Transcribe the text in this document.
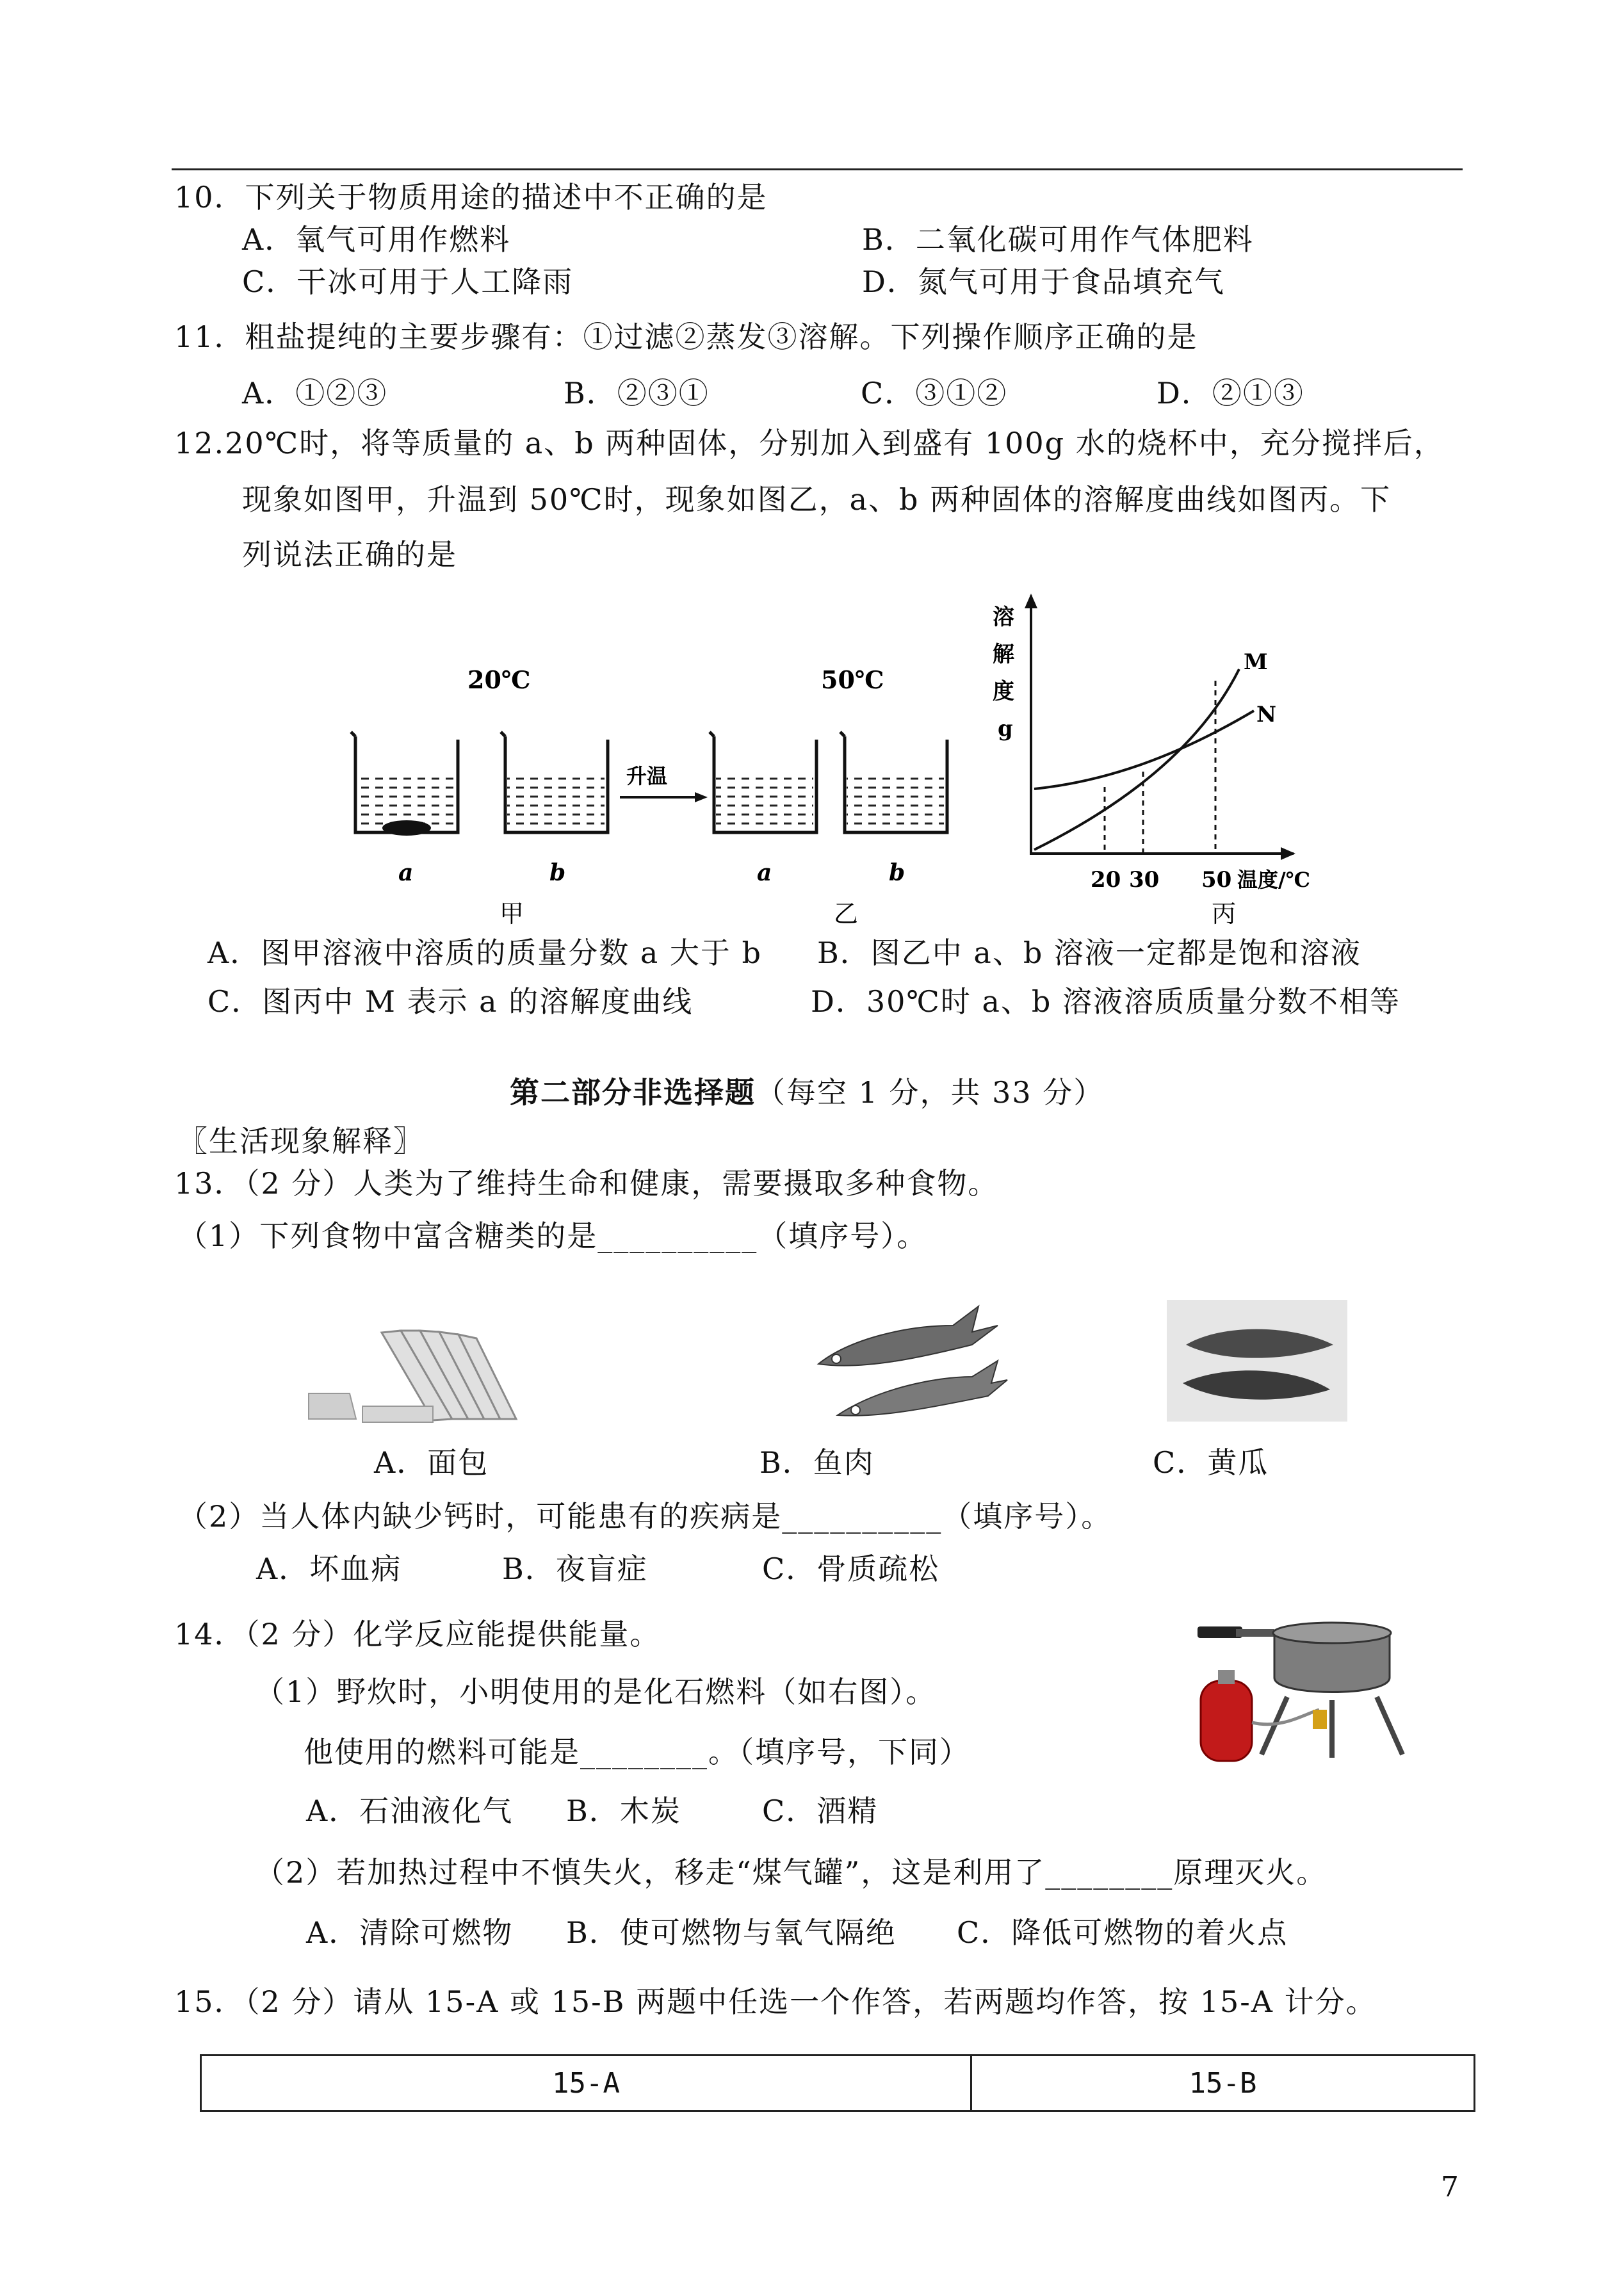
10．下列关于物质用途的描述中不正确的是
A．氧气可用作燃料	B．二氧化碳可用作气体肥料
C．干冰可用于人工降雨	D．氮气可用于食品填充气
11．粗盐提纯的主要步骤有：①过滤②蒸发③溶解。下列操作顺序正确的是
A．①②③	B．②③①	C．③①②	D．②①③
12.20℃时，将等质量的 a、b 两种固体，分别加入到盛有 100g 水的烧杯中，充分搅拌后，
现象如图甲，升温到 50℃时，现象如图乙，a、b 两种固体的溶解度曲线如图丙。下
列说法正确的是
20℃	50℃
升温
a	b	a	b
甲	乙	丙
溶
解
度
g
M
N
20 30 50 温度/℃
A．图甲溶液中溶质的质量分数 a 大于 b B．图乙中 a、b 溶液一定都是饱和溶液
C．图丙中 M 表示 a 的溶解度曲线	D．30℃时 a、b 溶液溶质质量分数不相等
第二部分非选择题（每空 1 分，共 33 分）
〖生活现象解释〗
13．（2 分）人类为了维持生命和健康，需要摄取多种食物。
（1）下列食物中富含糖类的是__________（填序号）。
A．面包	B．鱼肉	C．黄瓜
（2）当人体内缺少钙时，可能患有的疾病是__________（填序号）。
A．坏血病	B．夜盲症	C．骨质疏松
14．（2 分）化学反应能提供能量。
（1）野炊时，小明使用的是化石燃料（如右图）。
他使用的燃料可能是________。（填序号，下同）
A．石油液化气 B．木炭	C．酒精
（2）若加热过程中不慎失火，移走“煤气罐”，这是利用了________原理灭火。
A．清除可燃物 B．使可燃物与氧气隔绝 C．降低可燃物的着火点
15．（2 分）请从 15-A 或 15-B 两题中任选一个作答，若两题均作答，按 15-A 计分。
15-A	15-B
7
